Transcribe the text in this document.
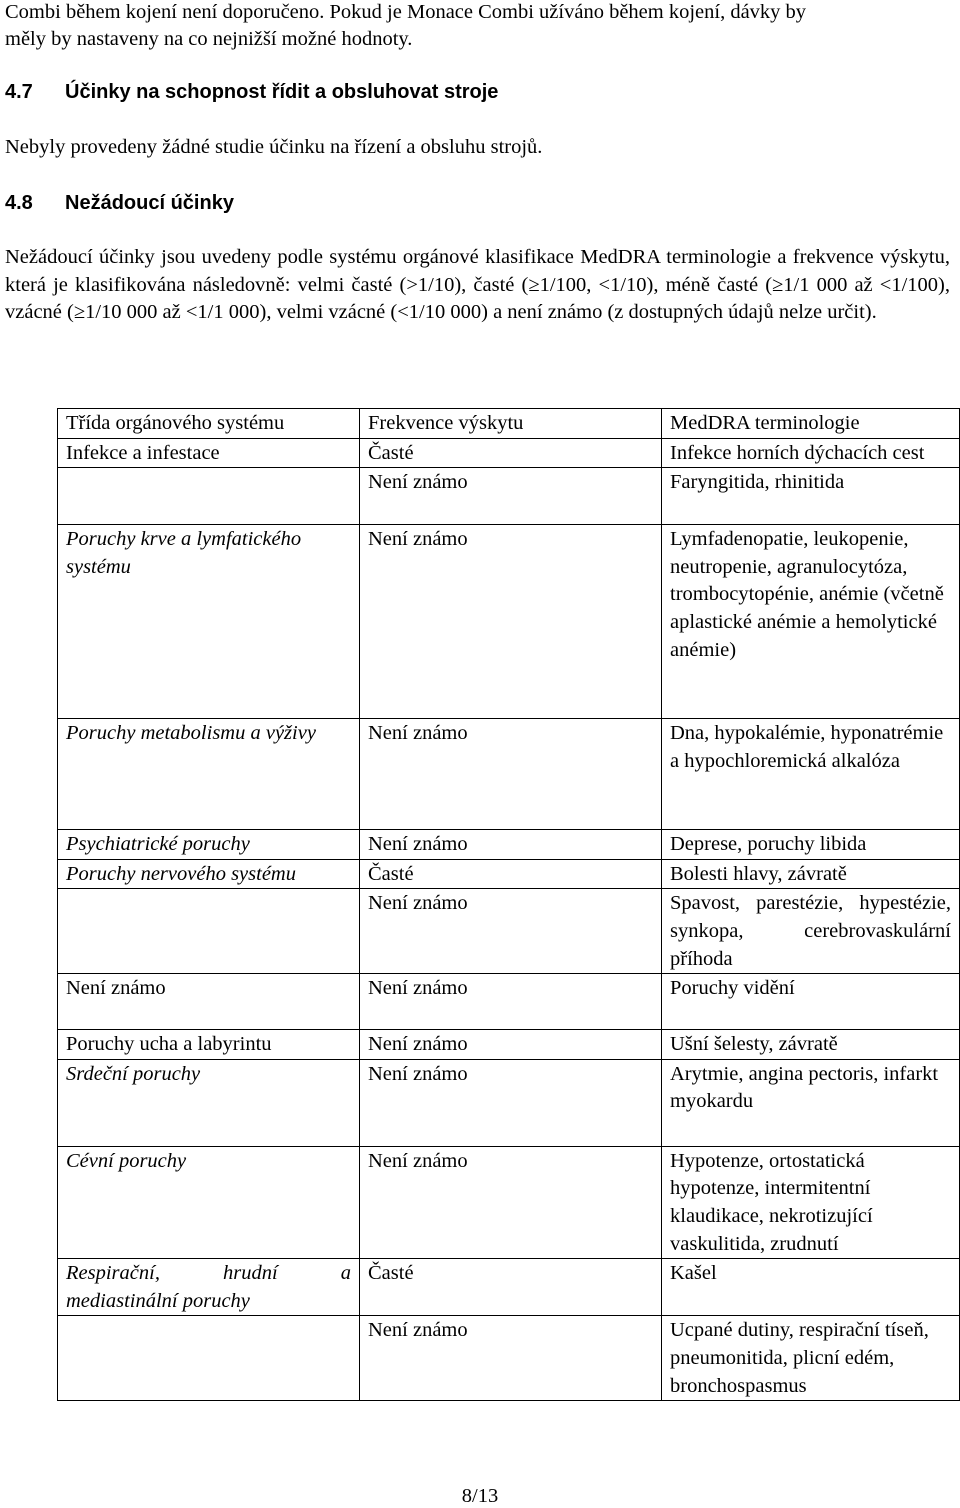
Combi během kojení není doporučeno. Pokud je Monace Combi užíváno během kojení, dávky by
měly by nastaveny na co nejnižší možné hodnoty.
4.7 Účinky na schopnost řídit a obsluhovat stroje
Nebyly provedeny žádné studie účinku na řízení a obsluhu strojů.
4.8 Nežádoucí účinky
Nežádoucí účinky jsou uvedeny podle systému orgánové klasifikace MedDRA terminologie a frekvence výskytu, která je klasifikována následovně: velmi časté (>1/10), časté (≥1/100, <1/10), méně časté (≥1/1 000 až <1/100), vzácné (≥1/10 000 až <1/1 000), velmi vzácné (<1/10 000) a není známo (z dostupných údajů nelze určit).
Třída orgánového systému	Frekvence výskytu	MedDRA terminologie
Infekce a infestace	Časté	Infekce horních dýchacích cest
	Není známo	Faryngitida, rhinitida
Poruchy krve a lymfatického systému	Není známo	Lymfadenopatie, leukopenie, neutropenie, agranulocytóza, trombocytopénie, anémie (včetně aplastické anémie a hemolytické anémie)
Poruchy metabolismu a výživy	Není známo	Dna, hypokalémie, hyponatrémie a hypochloremická alkalóza
Psychiatrické poruchy	Není známo	Deprese, poruchy libida
Poruchy nervového systému	Časté	Bolesti hlavy, závratě
	Není známo	Spavost, parestézie, hypestézie, synkopa, cerebrovaskulární příhoda
Není známo	Není známo	Poruchy vidění
Poruchy ucha a labyrintu	Není známo	Ušní šelesty, závratě
Srdeční poruchy	Není známo	Arytmie, angina pectoris, infarkt myokardu
Cévní poruchy	Není známo	Hypotenze, ortostatická hypotenze, intermitentní klaudikace, nekrotizující vaskulitida, zrudnutí
Respirační, hrudní a mediastinální poruchy	Časté	Kašel
	Není známo	Ucpané dutiny, respirační tíseň, pneumonitida, plicní edém, bronchospasmus
8/13
